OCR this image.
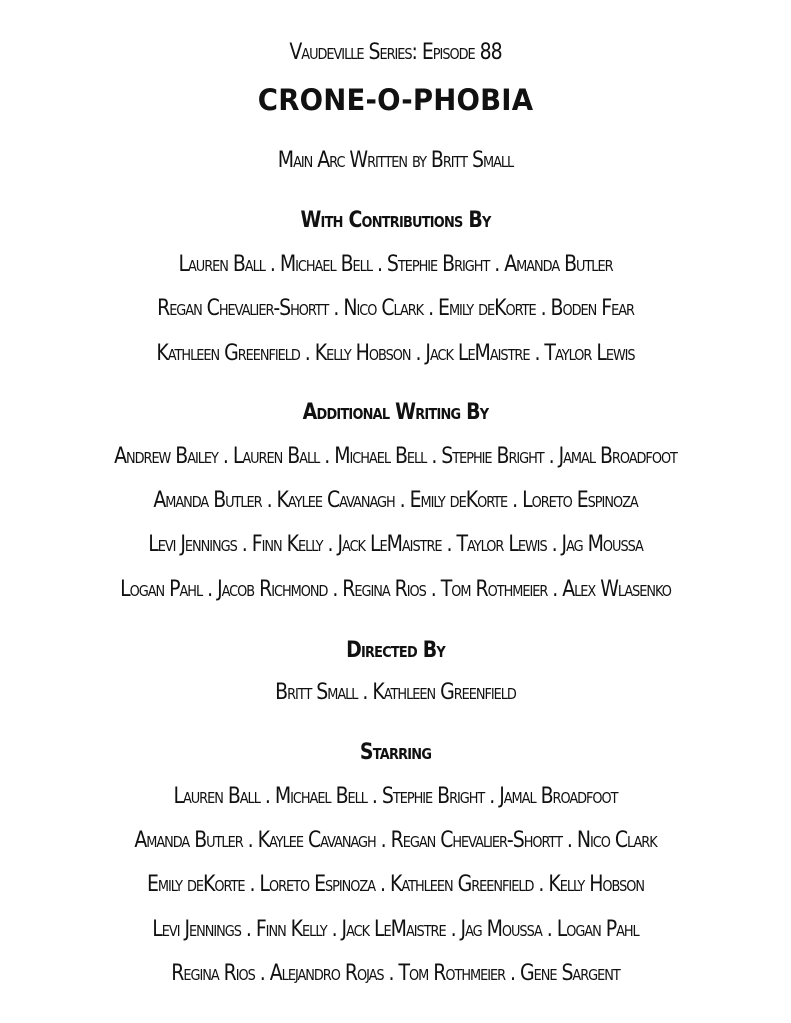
Vaudeville Series: Episode 88
CRONE-O-PHOBIA
Main Arc Written by Britt Small
With Contributions By
Lauren Ball . Michael Bell . Stephie Bright . Amanda Butler
Regan Chevalier-Shortt . Nico Clark . Emily deKorte . Boden Fear
Kathleen Greenfield . Kelly Hobson . Jack LeMaistre . Taylor Lewis
Additional Writing By
Andrew Bailey . Lauren Ball . Michael Bell . Stephie Bright . Jamal Broadfoot
Amanda Butler . Kaylee Cavanagh . Emily deKorte . Loreto Espinoza
Levi Jennings . Finn Kelly . Jack LeMaistre . Taylor Lewis . Jag Moussa
Logan Pahl . Jacob Richmond . Regina Rios . Tom Rothmeier . Alex Wlasenko
Directed By
Britt Small . Kathleen Greenfield
Starring
Lauren Ball . Michael Bell . Stephie Bright . Jamal Broadfoot
Amanda Butler . Kaylee Cavanagh . Regan Chevalier-Shortt . Nico Clark
Emily deKorte . Loreto Espinoza . Kathleen Greenfield . Kelly Hobson
Levi Jennings . Finn Kelly . Jack LeMaistre . Jag Moussa . Logan Pahl
Regina Rios . Alejandro Rojas . Tom Rothmeier . Gene Sargent
